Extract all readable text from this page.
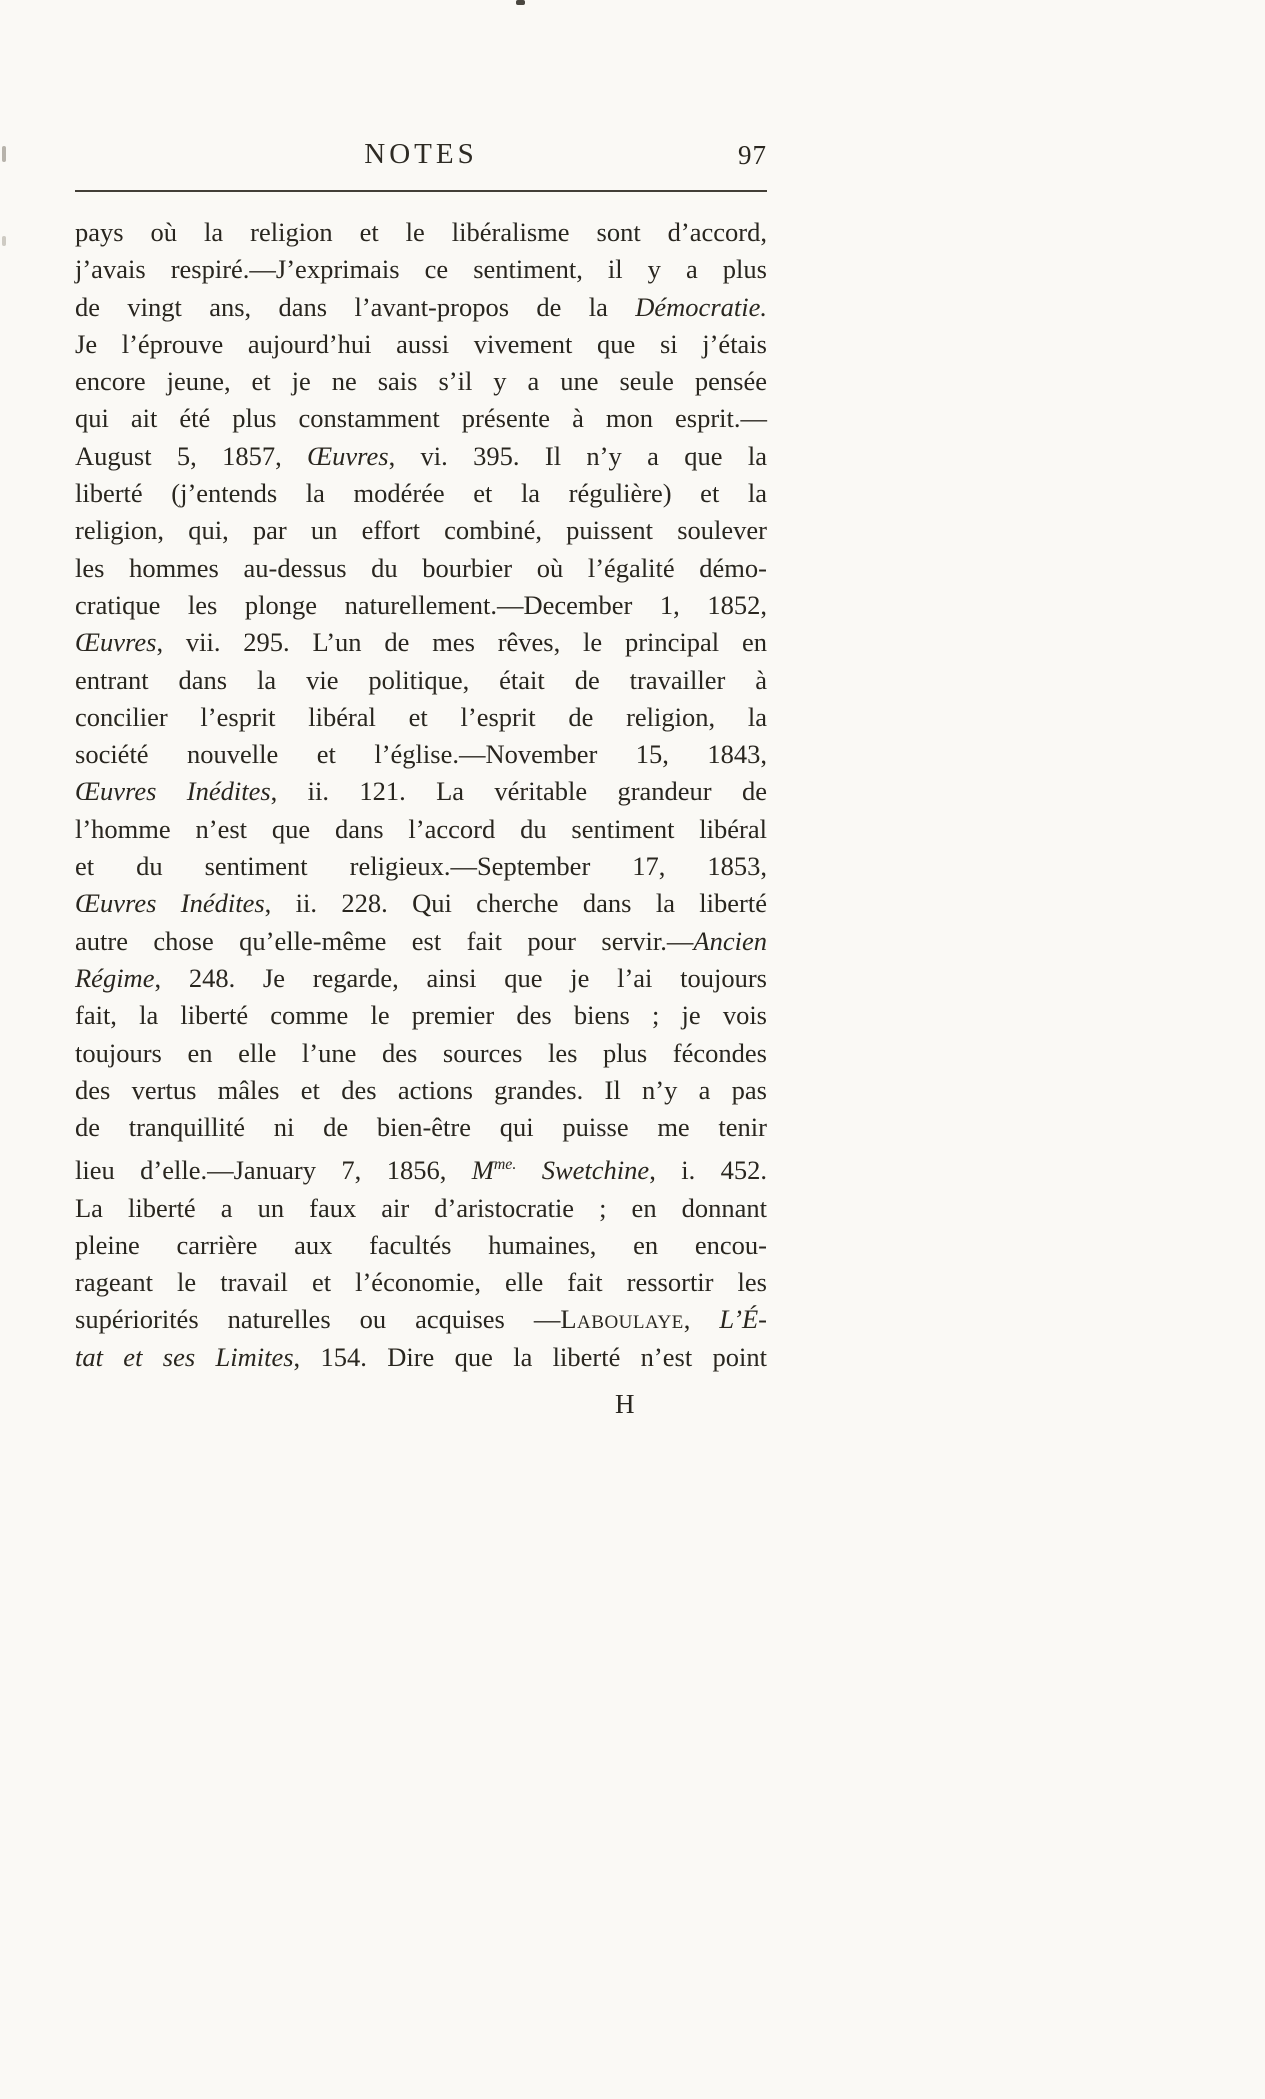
NOTES	97
pays où la religion et le libéralisme sont d’accord,
j’avais respiré.—J’exprimais ce sentiment, il y a plus
de vingt ans, dans l’avant-propos de la Démocratie.
Je l’éprouve aujourd’hui aussi vivement que si j’étais
encore jeune, et je ne sais s’il y a une seule pensée
qui ait été plus constamment présente à mon esprit.—
August 5, 1857, Œuvres, vi. 395. Il n’y a que la
liberté (j’entends la modérée et la régulière) et la
religion, qui, par un effort combiné, puissent soulever
les hommes au-dessus du bourbier où l’égalité démo-
cratique les plonge naturellement.—December 1, 1852,
Œuvres, vii. 295. L’un de mes rêves, le principal en
entrant dans la vie politique, était de travailler à
concilier l’esprit libéral et l’esprit de religion, la
société nouvelle et l’église.—November 15, 1843,
Œuvres Inédites, ii. 121. La véritable grandeur de
l’homme n’est que dans l’accord du sentiment libéral
et du sentiment religieux.—September 17, 1853,
Œuvres Inédites, ii. 228. Qui cherche dans la liberté
autre chose qu’elle-même est fait pour servir.—Ancien
Régime, 248. Je regarde, ainsi que je l’ai toujours
fait, la liberté comme le premier des biens ; je vois
toujours en elle l’une des sources les plus fécondes
des vertus mâles et des actions grandes. Il n’y a pas
de tranquillité ni de bien-être qui puisse me tenir
lieu d’elle.—January 7, 1856, $M^{me.}$ Swetchine, i. 452.
La liberté a un faux air d’aristocratie ; en donnant
pleine carrière aux facultés humaines, en encou-
rageant le travail et l’économie, elle fait ressortir les
supériorités naturelles ou acquises —Laboulaye, L’É-
tat et ses Limites, 154. Dire que la liberté n’est point
H
